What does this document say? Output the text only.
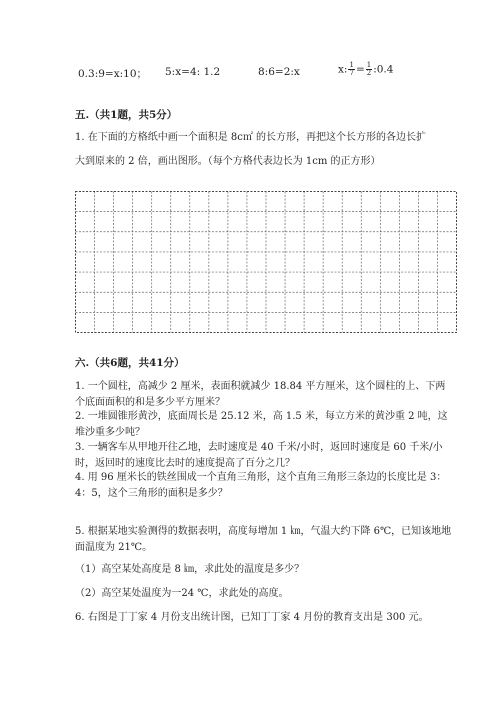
0.3:9=x:10； 5:x=4: 1.2	8:6=2:x	x: $\frac{1}{7} = \frac{1}{2}$ :0.4
五.（共1题，共5分）
1. 在下面的方格纸中画一个面积是 8c㎡ 的长方形，再把这个长方形的各边长扩
大到原来的 2 倍，画出图形。（每个方格代表边长为 1cm 的正方形）
六.（共6题，共41分）
1. 一个圆柱，高减少 2 厘米，表面积就减少 18.84 平方厘米，这个圆柱的上、下两个底面面积的和是多少平方厘米？
2. 一堆圆锥形黄沙，底面周长是 25.12 米，高 1.5 米，每立方米的黄沙重 2 吨，这堆沙重多少吨？
3. 一辆客车从甲地开往乙地，去时速度是 40 千米/小时，返回时速度是 60 千米/小时，返回时的速度比去时的速度提高了百分之几？
4. 用 96 厘米长的铁丝围成一个直角三角形，这个直角三角形三条边的长度比是 3：4：5，这个三角形的面积是多少？
5. 根据某地实验测得的数据表明，高度每增加 1 ㎞，气温大约下降 6℃，已知该地地面温度为 21℃。
（1）高空某处高度是 8 ㎞，求此处的温度是多少？
（2）高空某处温度为一24 ℃，求此处的高度。
6. 右图是丁丁家 4 月份支出统计图，已知丁丁家 4 月份的教育支出是 300 元。
